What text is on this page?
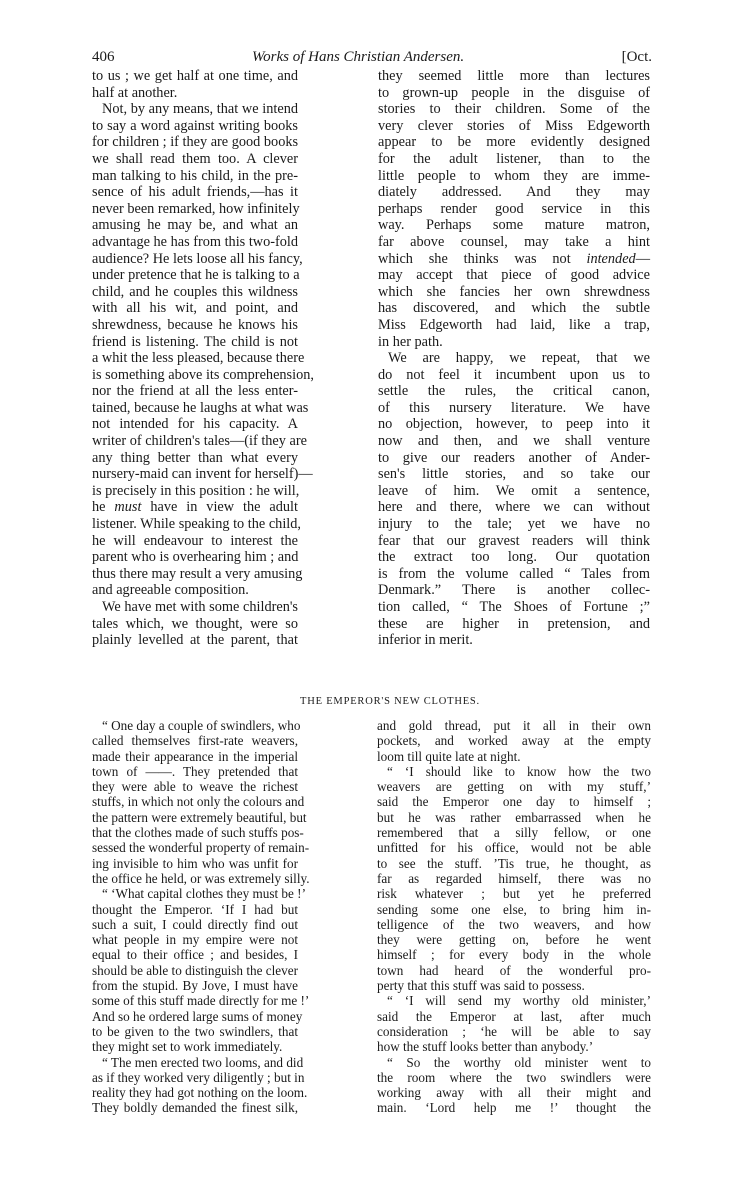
406	Works of Hans Christian Andersen.	[Oct.
to us ; we get half at one time, and
half at another.
Not, by any means, that we intend
to say a word against writing books
for children ; if they are good books
we shall read them too. A clever
man talking to his child, in the pre-
sence of his adult friends,—has it
never been remarked, how infinitely
amusing he may be, and what an
advantage he has from this two-fold
audience? He lets loose all his fancy,
under pretence that he is talking to a
child, and he couples this wildness
with all his wit, and point, and
shrewdness, because he knows his
friend is listening. The child is not
a whit the less pleased, because there
is something above its comprehension,
nor the friend at all the less enter-
tained, because he laughs at what was
not intended for his capacity. A
writer of children's tales—(if they are
any thing better than what every
nursery-maid can invent for herself)—
is precisely in this position : he will,
he must have in view the adult
listener. While speaking to the child,
he will endeavour to interest the
parent who is overhearing him ; and
thus there may result a very amusing
and agreeable composition.
We have met with some children's
tales which, we thought, were so
plainly levelled at the parent, that
they seemed little more than lectures
to grown-up people in the disguise of
stories to their children. Some of the
very clever stories of Miss Edgeworth
appear to be more evidently designed
for the adult listener, than to the
little people to whom they are imme-
diately addressed. And they may
perhaps render good service in this
way. Perhaps some mature matron,
far above counsel, may take a hint
which she thinks was not intended—
may accept that piece of good advice
which she fancies her own shrewdness
has discovered, and which the subtle
Miss Edgeworth had laid, like a trap,
in her path.
We are happy, we repeat, that we
do not feel it incumbent upon us to
settle the rules, the critical canon,
of this nursery literature. We have
no objection, however, to peep into it
now and then, and we shall venture
to give our readers another of Ander-
sen's little stories, and so take our
leave of him. We omit a sentence,
here and there, where we can without
injury to the tale; yet we have no
fear that our gravest readers will think
the extract too long. Our quotation
is from the volume called “ Tales from
Denmark.” There is another collec-
tion called, “ The Shoes of Fortune ;”
these are higher in pretension, and
inferior in merit.
THE EMPEROR'S NEW CLOTHES.
“ One day a couple of swindlers, who
called themselves first-rate weavers,
made their appearance in the imperial
town of ——. They pretended that
they were able to weave the richest
stuffs, in which not only the colours and
the pattern were extremely beautiful, but
that the clothes made of such stuffs pos-
sessed the wonderful property of remain-
ing invisible to him who was unfit for
the office he held, or was extremely silly.
“ ‘What capital clothes they must be !’
thought the Emperor. ‘If I had but
such a suit, I could directly find out
what people in my empire were not
equal to their office ; and besides, I
should be able to distinguish the clever
from the stupid. By Jove, I must have
some of this stuff made directly for me !’
And so he ordered large sums of money
to be given to the two swindlers, that
they might set to work immediately.
“ The men erected two looms, and did
as if they worked very diligently ; but in
reality they had got nothing on the loom.
They boldly demanded the finest silk,
and gold thread, put it all in their own
pockets, and worked away at the empty
loom till quite late at night.
“ ‘I should like to know how the two
weavers are getting on with my stuff,’
said the Emperor one day to himself ;
but he was rather embarrassed when he
remembered that a silly fellow, or one
unfitted for his office, would not be able
to see the stuff. ’Tis true, he thought, as
far as regarded himself, there was no
risk whatever ; but yet he preferred
sending some one else, to bring him in-
telligence of the two weavers, and how
they were getting on, before he went
himself ; for every body in the whole
town had heard of the wonderful pro-
perty that this stuff was said to possess.
“ ‘I will send my worthy old minister,’
said the Emperor at last, after much
consideration ; ‘he will be able to say
how the stuff looks better than anybody.’
“ So the worthy old minister went to
the room where the two swindlers were
working away with all their might and
main. ‘Lord help me !’ thought the
